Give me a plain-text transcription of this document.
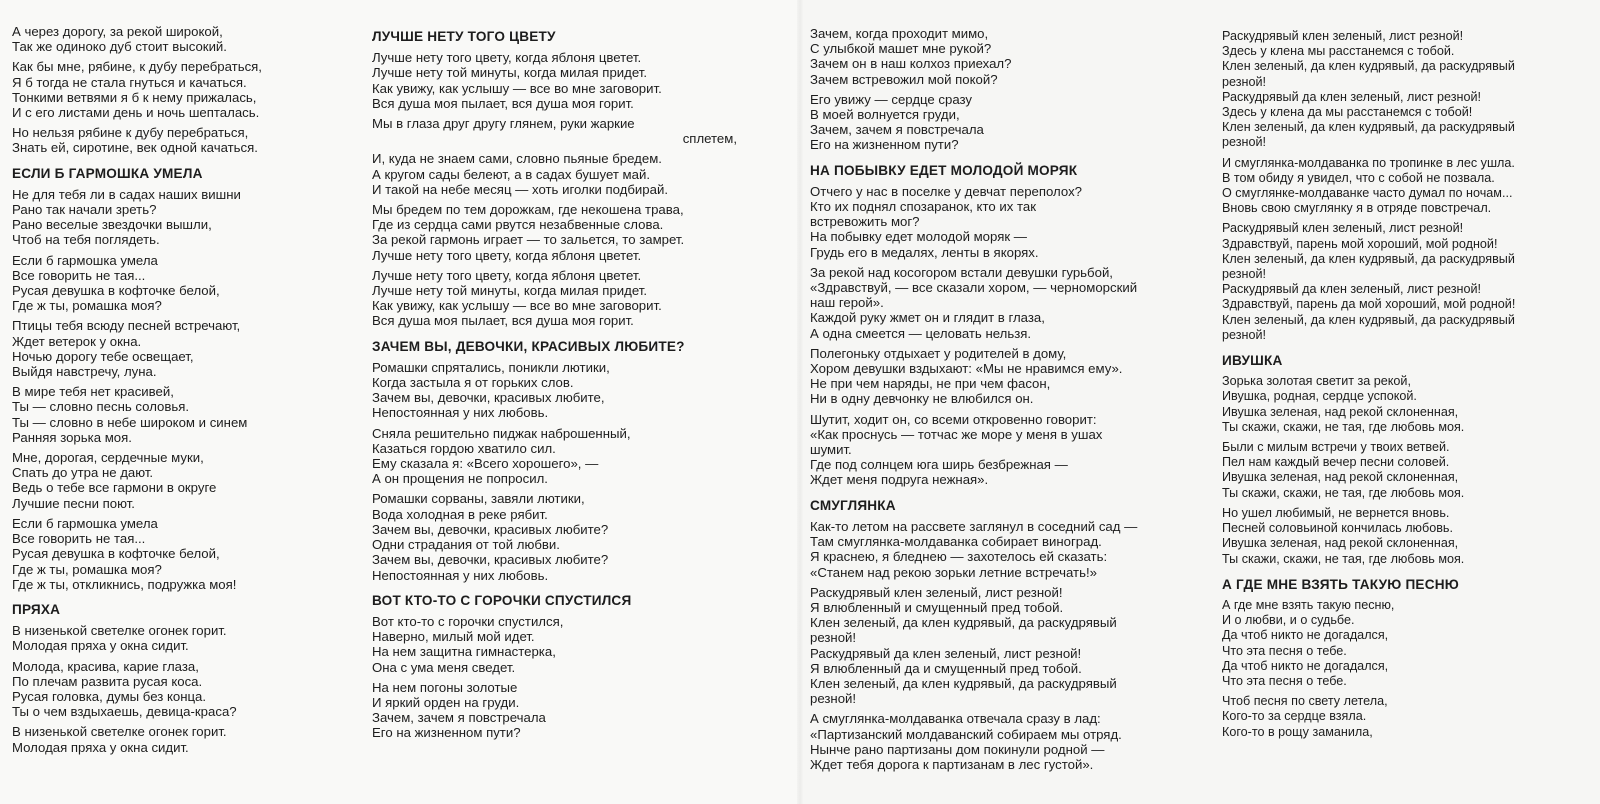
А через дорогу, за рекой широкой,

Так же одиноко дуб стоит высокий.

Как бы мне, рябине, к дубу перебраться,

Я б тогда не стала гнуться и качаться.

Тонкими ветвями я б к нему прижалась,

И с его листами день и ночь шепталась.

Но нельзя рябине к дубу перебраться,

Знать ей, сиротине, век одной качаться.

ЕСЛИ Б ГАРМОШКА УМЕЛА

Не для тебя ли в садах наших вишни

Рано так начали зреть?

Рано веселые звездочки вышли,

Чтоб на тебя поглядеть.

Если б гармошка умела

Все говорить не тая...

Русая девушка в кофточке белой,

Где ж ты, ромашка моя?

Птицы тебя всюду песней встречают,

Ждет ветерок у окна.

Ночью дорогу тебе освещает,

Выйдя навстречу, луна.

В мире тебя нет красивей,

Ты — словно песнь соловья.

Ты — словно в небе широком и синем

Ранняя зорька моя.

Мне, дорогая, сердечные муки,

Спать до утра не дают.

Ведь о тебе все гармони в округе

Лучшие песни поют.

Если б гармошка умела

Все говорить не тая...

Русая девушка в кофточке белой,

Где ж ты, ромашка моя?

Где ж ты, откликнись, подружка моя!

ПРЯХА

В низенькой светелке огонек горит.

Молодая пряха у окна сидит.

Молода, красива, карие глаза,

По плечам развита русая коса.

Русая головка, думы без конца.

Ты о чем вздыхаешь, девица-краса?

В низенькой светелке огонек горит.

Молодая пряха у окна сидит.

ЛУЧШЕ НЕТУ ТОГО ЦВЕТУ

Лучше нету того цвету, когда яблоня цветет.

Лучше нету той минуты, когда милая придет.

Как увижу, как услышу — все во мне заговорит.

Вся душа моя пылает, вся душа моя горит.

Мы в глаза друг другу глянем, руки жаркие

сплетем,

И, куда не знаем сами, словно пьяные бредем.

А кругом сады белеют, а в садах бушует май.

И такой на небе месяц — хоть иголки подбирай.

Мы бредем по тем дорожкам, где некошена трава,

Где из сердца сами рвутся незабвенные слова.

За рекой гармонь играет — то зальется, то замрет.

Лучше нету того цвету, когда яблоня цветет.

Лучше нету того цвету, когда яблоня цветет.

Лучше нету той минуты, когда милая придет.

Как увижу, как услышу — все во мне заговорит.

Вся душа моя пылает, вся душа моя горит.

ЗАЧЕМ ВЫ, ДЕВОЧКИ, КРАСИВЫХ ЛЮБИТЕ?

Ромашки спрятались, поникли лютики,

Когда застыла я от горьких слов.

Зачем вы, девочки, красивых любите,

Непостоянная у них любовь.

Сняла решительно пиджак наброшенный,

Казаться гордою хватило сил.

Ему сказала я: «Всего хорошего», —

А он прощения не попросил.

Ромашки сорваны, завяли лютики,

Вода холодная в реке рябит.

Зачем вы, девочки, красивых любите?

Одни страдания от той любви.

Зачем вы, девочки, красивых любите?

Непостоянная у них любовь.

ВОТ КТО-ТО С ГОРОЧКИ СПУСТИЛСЯ

Вот кто-то с горочки спустился,

Наверно, милый мой идет.

На нем защитна гимнастерка,

Она с ума меня сведет.

На нем погоны золотые

И яркий орден на груди.

Зачем, зачем я повстречала

Его на жизненном пути?

Зачем, когда проходит мимо,

С улыбкой машет мне рукой?

Зачем он в наш колхоз приехал?

Зачем встревожил мой покой?

Его увижу — сердце сразу

В моей волнуется груди,

Зачем, зачем я повстречала

Его на жизненном пути?

НА ПОБЫВКУ ЕДЕТ МОЛОДОЙ МОРЯК

Отчего у нас в поселке у девчат переполох?

Кто их поднял спозаранок, кто их так

встревожить мог?

На побывку едет молодой моряк —

Грудь его в медалях, ленты в якорях.

За рекой над косогором встали девушки гурьбой,

«Здравствуй, — все сказали хором, — черноморский

наш герой».

Каждой руку жмет он и глядит в глаза,

А одна смеется — целовать нельзя.

Полегоньку отдыхает у родителей в дому,

Хором девушки вздыхают: «Мы не нравимся ему».

Не при чем наряды, не при чем фасон,

Ни в одну девчонку не влюбился он.

Шутит, ходит он, со всеми откровенно говорит:

«Как проснусь — тотчас же море у меня в ушах

шумит.

Где под солнцем юга ширь безбрежная —

Ждет меня подруга нежная».

СМУГЛЯНКА

Как-то летом на рассвете заглянул в соседний сад —

Там смуглянка-молдаванка собирает виноград.

Я краснею, я бледнею — захотелось ей сказать:

«Станем над рекою зорьки летние встречать!»

Раскудрявый клен зеленый, лист резной!

Я влюбленный и смущенный пред тобой.

Клен зеленый, да клен кудрявый, да раскудрявый

резной!

Раскудрявый да клен зеленый, лист резной!

Я влюбленный да и смущенный пред тобой.

Клен зеленый, да клен кудрявый, да раскудрявый

резной!

А смуглянка-молдаванка отвечала сразу в лад:

«Партизанский молдаванский собираем мы отряд.

Нынче рано партизаны дом покинули родной —

Ждет тебя дорога к партизанам в лес густой».

Раскудрявый клен зеленый, лист резной!

Здесь у клена мы расстанемся с тобой.

Клен зеленый, да клен кудрявый, да раскудрявый

резной!

Раскудрявый да клен зеленый, лист резной!

Здесь у клена да мы расстанемся с тобой!

Клен зеленый, да клен кудрявый, да раскудрявый

резной!

И смуглянка-молдаванка по тропинке в лес ушла.

В том обиду я увидел, что с собой не позвала.

О смуглянке-молдаванке часто думал по ночам...

Вновь свою смуглянку я в отряде повстречал.

Раскудрявый клен зеленый, лист резной!

Здравствуй, парень мой хороший, мой родной!

Клен зеленый, да клен кудрявый, да раскудрявый

резной!

Раскудрявый да клен зеленый, лист резной!

Здравствуй, парень да мой хороший, мой родной!

Клен зеленый, да клен кудрявый, да раскудрявый

резной!

ИВУШКА

Зорька золотая светит за рекой,

Ивушка, родная, сердце успокой.

Ивушка зеленая, над рекой склоненная,

Ты скажи, скажи, не тая, где любовь моя.

Были с милым встречи у твоих ветвей.

Пел нам каждый вечер песни соловей.

Ивушка зеленая, над рекой склоненная,

Ты скажи, скажи, не тая, где любовь моя.

Но ушел любимый, не вернется вновь.

Песней соловьиной кончилась любовь.

Ивушка зеленая, над рекой склоненная,

Ты скажи, скажи, не тая, где любовь моя.

А ГДЕ МНЕ ВЗЯТЬ ТАКУЮ ПЕСНЮ

А где мне взять такую песню,

И о любви, и о судьбе.

Да чтоб никто не догадался,

Что эта песня о тебе.

Да чтоб никто не догадался,

Что эта песня о тебе.

Чтоб песня по свету летела,

Кого-то за сердце взяла.

Кого-то в рощу заманила,
